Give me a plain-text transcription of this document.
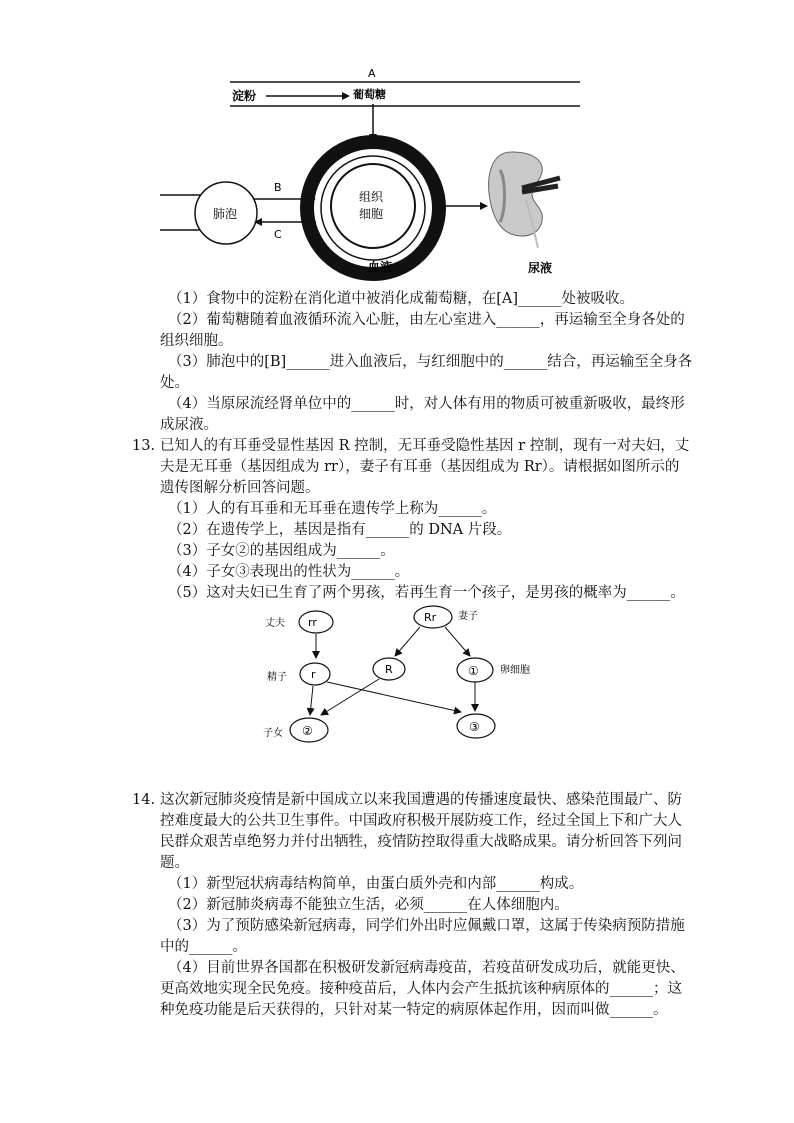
A
淀粉	葡萄糖
组织
细胞
血液
肺泡
B
C
尿液
（1）食物中的淀粉在消化道中被消化成葡萄糖，在[A]______处被吸收。
（2）葡萄糖随着血液循环流入心脏，由左心室进入______，再运输至全身各处的
组织细胞。
（3）肺泡中的[B]______进入血液后，与红细胞中的______结合，再运输至全身各
处。
（4）当原尿流经肾单位中的______时，对人体有用的物质可被重新吸收，最终形
成尿液。
13. 已知人的有耳垂受显性基因 R 控制，无耳垂受隐性基因 r 控制，现有一对夫妇，丈
夫是无耳垂（基因组成为 rr），妻子有耳垂（基因组成为 Rr）。请根据如图所示的
遗传图解分析回答问题。
（1）人的有耳垂和无耳垂在遗传学上称为______。
（2）在遗传学上，基因是指有______的 DNA 片段。
（3）子女②的基因组成为______。
（4）子女③表现出的性状为______。
（5）这对夫妇已生育了两个男孩，若再生育一个孩子，是男孩的概率为______。
丈夫 rr	Rr 妻子
精子 r	R	① 卵细胞
子女 ②	③
14. 这次新冠肺炎疫情是新中国成立以来我国遭遇的传播速度最快、感染范围最广、防
控难度最大的公共卫生事件。中国政府积极开展防疫工作，经过全国上下和广大人
民群众艰苦卓绝努力并付出牺牲，疫情防控取得重大战略成果。请分析回答下列问
题。
（1）新型冠状病毒结构简单，由蛋白质外壳和内部______构成。
（2）新冠肺炎病毒不能独立生活，必须______在人体细胞内。
（3）为了预防感染新冠病毒，同学们外出时应佩戴口罩，这属于传染病预防措施
中的______。
（4）目前世界各国都在积极研发新冠病毒疫苗，若疫苗研发成功后，就能更快、
更高效地实现全民免疫。接种疫苗后，人体内会产生抵抗该种病原体的______；这
种免疫功能是后天获得的，只针对某一特定的病原体起作用，因而叫做______。
